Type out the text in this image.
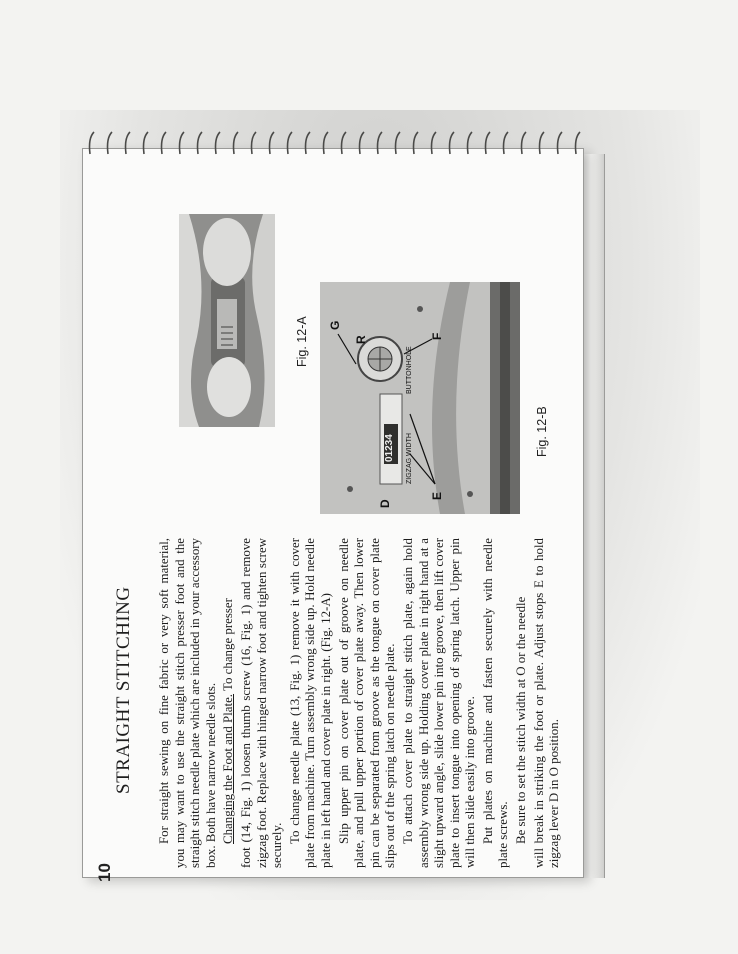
10
STRAIGHT STITCHING For straight sewing on fine fabric or very soft material, you may want to use the straight stitch presser foot and the straight stitch needle plate which are included in your accessory box. Both have narrow needle slots. Changing the Foot and Plate. To change presser foot (14, Fig. 1) loosen thumb screw (16, Fig. 1) and remove zigzag foot. Replace with hinged narrow foot and tighten screw securely.

To change needle plate (13, Fig. 1) remove it with cover plate from machine. Turn assembly wrong side up. Hold needle plate in left hand and cover plate in right. (Fig. 12-A) Slip upper pin on cover plate out of groove on needle plate, and pull upper portion of cover plate away. Then lower pin can be separated from groove as the tongue on cover plate slips out of the spring latch on needle plate. To attach cover plate to straight stitch plate, again hold assembly wrong side up. Holding cover plate in right hand at a slight upward angle, slide lower pin into groove, then lift cover plate to insert tongue into opening of spring latch. Upper pin will then slide easily into groove. Put plates on machine and fasten securely with needle plate screws. Be sure to set the stitch width at O or the needle will break in striking the foot or plate. Adjust stops E to hold zigzag lever D in O position.

Fig. 12-A
E
F
G
R
D
01234 ZIGZAG WIDTH
BUTTONHOLE
Fig. 12-B
